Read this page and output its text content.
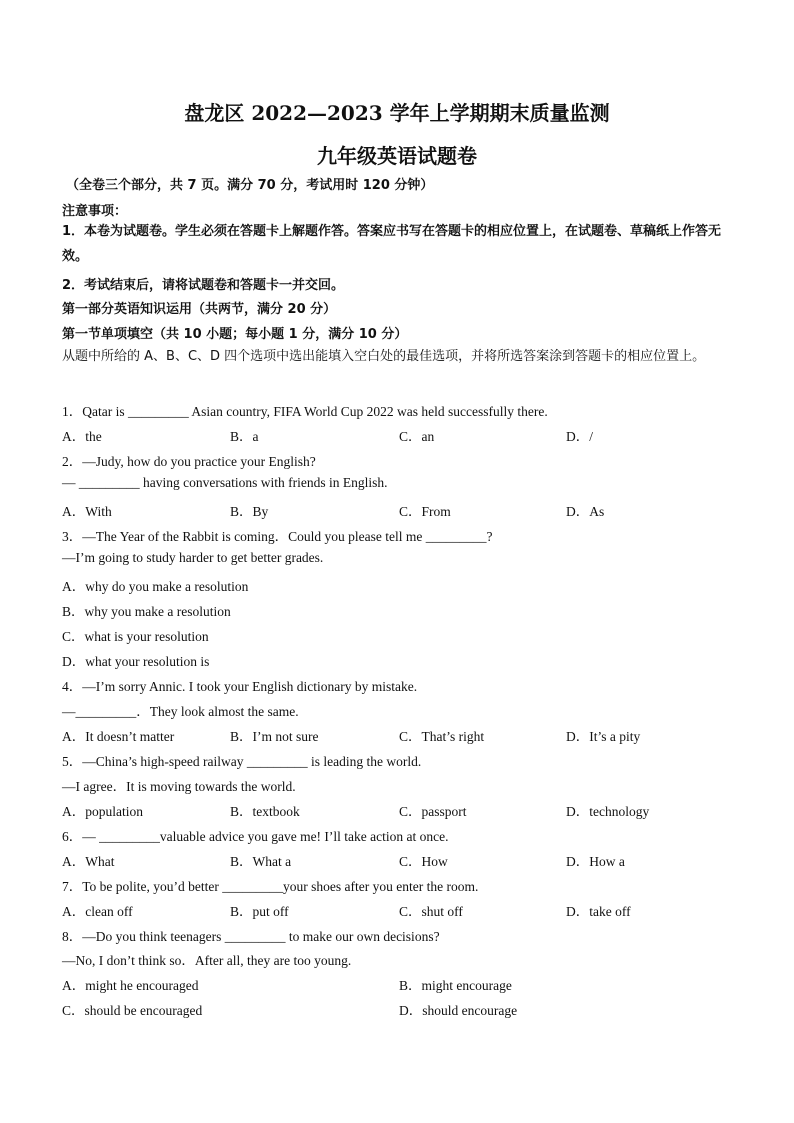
盘龙区 2022—2023 学年上学期期末质量监测
九年级英语试题卷
（全卷三个部分，共 7 页。满分 70 分，考试用时 120 分钟）
注意事项：
1．本卷为试题卷。学生必须在答题卡上解题作答。答案应书写在答题卡的相应位置上，在试题卷、草稿纸上作答无效。
2．考试结束后，请将试题卷和答题卡一并交回。
第一部分英语知识运用（共两节，满分 20 分）
第一节单项填空（共 10 小题；每小题 1 分，满分 10 分）
从题中所给的 A、B、C、D 四个选项中选出能填入空白处的最佳选项，并将所选答案涂到答题卡的相应位置上。
1．Qatar is _________ Asian country, FIFA World Cup 2022 was held successfully there.
A．the	B．a	C．an	D．/
2．—Judy, how do you practice your English?
— _________ having conversations with friends in English.
A．With	B．By	C．From	D．As
3．—The Year of the Rabbit is coming．Could you please tell me _________?
—I’m going to study harder to get better grades.
A．why do you make a resolution
B．why you make a resolution
C．what is your resolution
D．what your resolution is
4．—I’m sorry Annic. I took your English dictionary by mistake.
—_________．They look almost the same.
A．It doesn’t matter	B．I’m not sure	C．That’s right	D．It’s a pity
5．—China’s high-speed railway _________ is leading the world.
—I agree．It is moving towards the world.
A．population	B．textbook	C．passport	D．technology
6．— _________valuable advice you gave me! I’ll take action at once.
A．What	B．What a	C．How	D．How a
7．To be polite, you’d better _________your shoes after you enter the room.
A．clean off	B．put off	C．shut off	D．take off
8．—Do you think teenagers _________ to make our own decisions?
—No, I don’t think so．After all, they are too young.
A．might he encouraged	B．might encourage
C．should be encouraged	D．should encourage
